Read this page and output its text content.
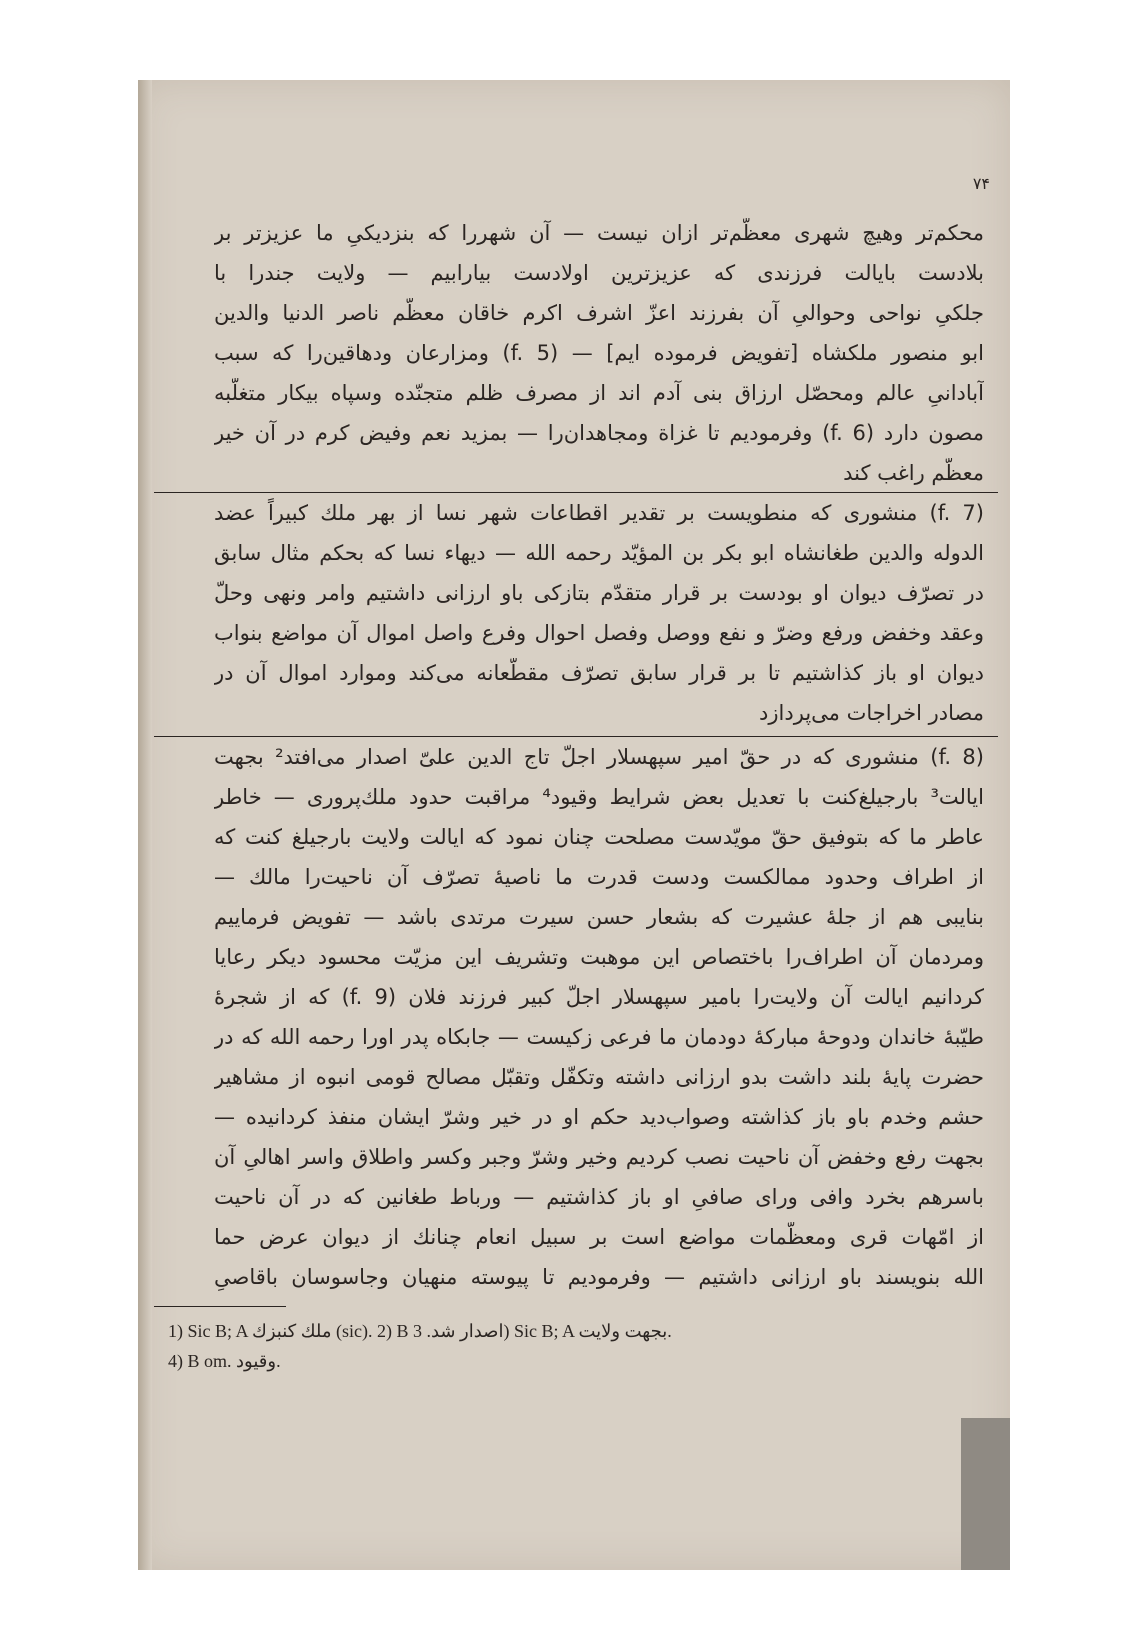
۷۴
محکم‌تر وهیچ شهری معظّم‌تر ازان نیست — آن شهررا که بنزدیکیِ ما عزیزتر بر
بلادست بایالت فرزندی که عزیزترین اولادست بیارابیم — ولایت جندرا با
جلکیِ نواحی وحوالیِ آن بفرزند اعزّ اشرف اکرم خاقان معظّم ناصر الدنیا والدین
ابو منصور ملکشاه [تفویض فرموده ایم] — (f. 5) ومزارعان ودهاقین‌را که سبب
آبادانیِ عالم ومحصّل ارزاق بنی آدم اند از مصرف ظلم متجنّده وسپاه بیکار متغلّبه
مصون دارد (f. 6) وفرمودیم تا غزاة ومجاهدان‌را — بمزید نعم وفیض کرم در آن خیر
معظّم راغب کند
(f. 7) منشوری که منطویست بر تقدیر اقطاعات شهر نسا از بهر ملك کبیراً عضد
الدوله والدین طغانشاه ابو بکر بن المؤیّد رحمه الله — دیهاء نسا که بحکم مثال سابق
در تصرّف دیوان او بودست بر قرار متقدّم بتازکی باو ارزانی داشتیم وامر ونهی وحلّ
وعقد وخفض ورفع وضرّ و نفع ووصل وفصل احوال وفرع واصل اموال آن مواضع بنواب
دیوان او باز کذاشتیم تا بر قرار سابق تصرّف مقطّعانه می‌کند وموارد اموال آن در
مصادر اخراجات می‌پردازد
(f. 8) منشوری که در حقّ امیر سپهسلار اجلّ تاج الدین علیّ اصدار می‌افتد² بجهت
ایالت³ بارجیلغ‌کنت با تعدیل بعض شرایط وقیود⁴ مراقبت حدود ملك‌پروری — خاطر
عاطر ما که بتوفیق حقّ مویّدست مصلحت چنان نمود که ایالت ولایت بارجیلغ کنت که
از اطراف وحدود ممالکست ودست قدرت ما ناصیهٔ تصرّف آن ناحیت‌را مالك —
بنایبی هم از جلهٔ عشیرت که بشعار حسن سیرت مرتدی باشد — تفویض فرماییم
ومردمان آن اطراف‌را باختصاص این موهبت وتشریف این مزیّت محسود دیکر رعایا
کردانیم ایالت آن ولایت‌را بامیر سپهسلار اجلّ کبیر فرزند فلان (f. 9) که از شجرهٔ
طیّبهٔ خاندان ودوحهٔ مبارکهٔ دودمان ما فرعی زکیست — جابکاه پدر اورا رحمه الله که در
حضرت پایهٔ بلند داشت بدو ارزانی داشته وتکفّل وتقبّل مصالح قومی انبوه از مشاهیر
حشم وخدم باو باز کذاشته وصواب‌دید حکم او در خیر وشرّ ایشان منفذ کردانیده —
بجهت رفع وخفض آن ناحیت نصب کردیم وخیر وشرّ وجبر وکسر واطلاق واسر اهالیِ آن
باسرهم بخرد وافی ورای صافیِ او باز کذاشتیم — ورباط طغانین که در آن ناحیت
از امّهات قری ومعظّمات مواضع است بر سبیل انعام چنانك از دیوان عرض حما
الله بنویسند باو ارزانی داشتیم — وفرمودیم تا پیوسته منهیان وجاسوسان باقاصیِ
1) Sic B; A ملك كنبزك (sic). 2) B اصدار شد. 3) Sic B; A بجهت ولايت.
4) B om. وقيود.
